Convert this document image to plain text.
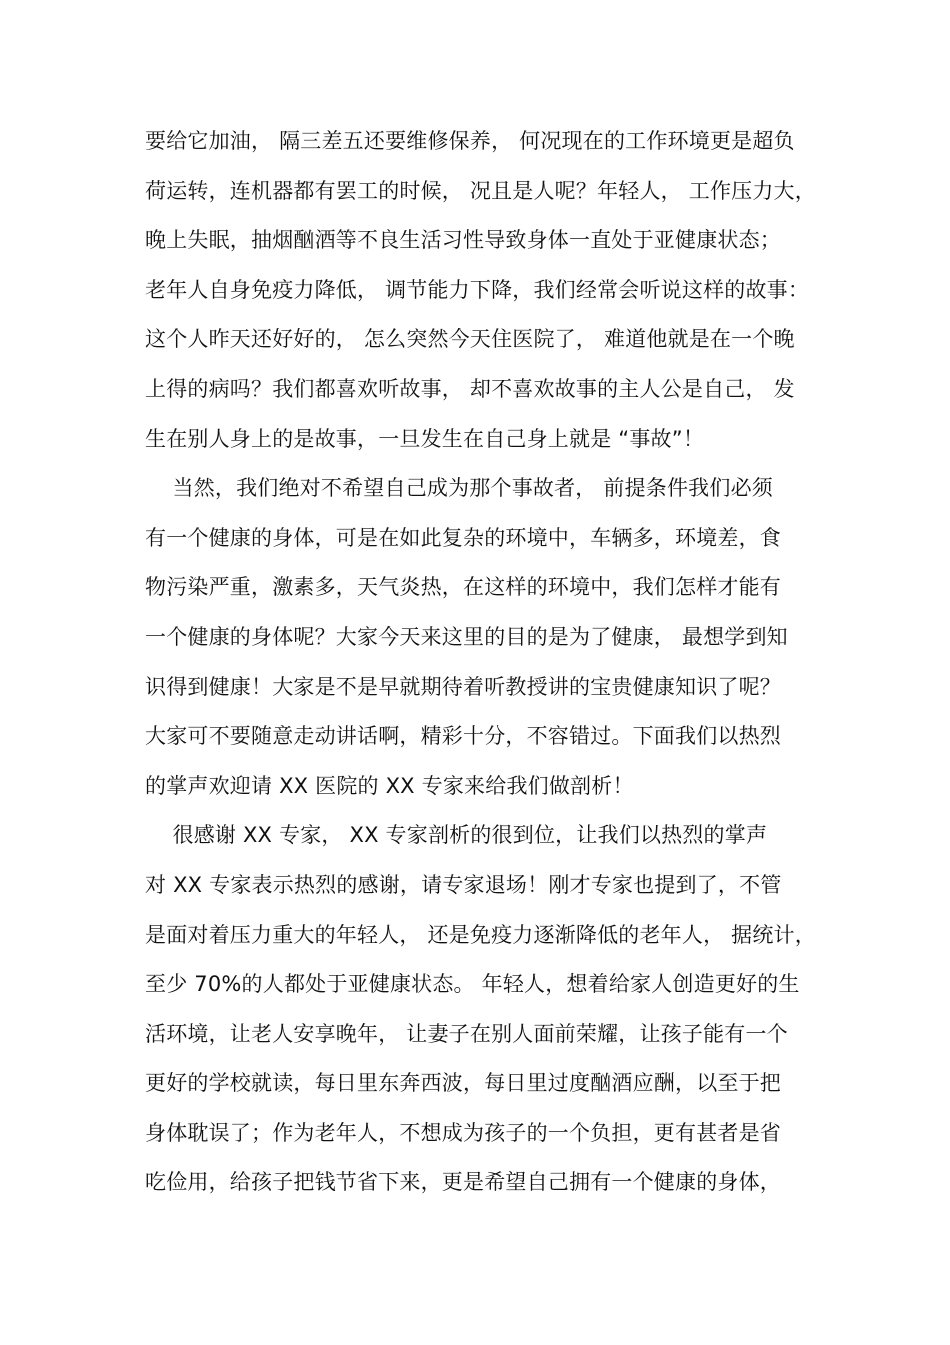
要给它加油， 隔三差五还要维修保养， 何况现在的工作环境更是超负
荷运转，连机器都有罢工的时候， 况且是人呢？年轻人， 工作压力大，
晚上失眠，抽烟酗酒等不良生活习性导致身体一直处于亚健康状态；
老年人自身免疫力降低， 调节能力下降，我们经常会听说这样的故事：
这个人昨天还好好的， 怎么突然今天住医院了， 难道他就是在一个晚
上得的病吗？我们都喜欢听故事， 却不喜欢故事的主人公是自己， 发
生在别人身上的是故事，一旦发生在自己身上就是 “事故”！
当然，我们绝对不希望自己成为那个事故者， 前提条件我们必须
有一个健康的身体，可是在如此复杂的环境中，车辆多，环境差，食
物污染严重，激素多，天气炎热，在这样的环境中，我们怎样才能有
一个健康的身体呢？大家今天来这里的目的是为了健康， 最想学到知
识得到健康！大家是不是早就期待着听教授讲的宝贵健康知识了呢？
大家可不要随意走动讲话啊，精彩十分，不容错过。下面我们以热烈
的掌声欢迎请 XX 医院的 XX 专家来给我们做剖析！
很感谢 XX 专家， XX 专家剖析的很到位，让我们以热烈的掌声
对 XX 专家表示热烈的感谢，请专家退场！刚才专家也提到了，不管
是面对着压力重大的年轻人， 还是免疫力逐渐降低的老年人， 据统计，
至少 70%的人都处于亚健康状态。 年轻人，想着给家人创造更好的生
活环境，让老人安享晚年， 让妻子在别人面前荣耀，让孩子能有一个
更好的学校就读，每日里东奔西波，每日里过度酗酒应酬，以至于把
身体耽误了；作为老年人，不想成为孩子的一个负担，更有甚者是省
吃俭用，给孩子把钱节省下来，更是希望自己拥有一个健康的身体，
